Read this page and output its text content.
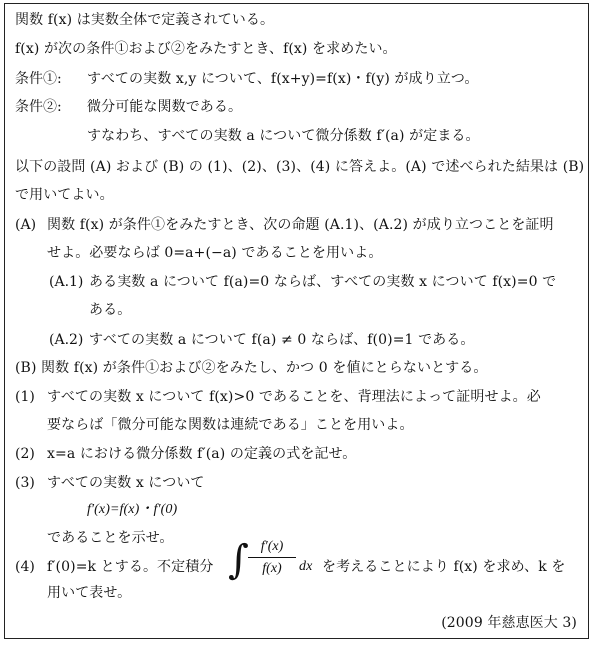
関数 f(x) は実数全体で定義されている。
f(x) が次の条件①および②をみたすとき、f(x) を求めたい。
条件①: すべての実数 x,y について、f(x+y)=f(x)・f(y) が成り立つ。
条件②: 微分可能な関数である。
すなわち、すべての実数 a について微分係数 f′(a) が定まる。
以下の設問 (A) および (B) の (1)、(2)、(3)、(4) に答えよ。(A) で述べられた結果は (B)
で用いてよい。
(A) 関数 f(x) が条件①をみたすとき、次の命題 (A.1)、(A.2) が成り立つことを証明
せよ。必要ならば 0=a+(−a) であることを用いよ。
(A.1) ある実数 a について f(a)=0 ならば、すべての実数 x について f(x)=0 で
ある。
(A.2) すべての実数 a について f(a) ≠ 0 ならば、f(0)=1 である。
(B) 関数 f(x) が条件①および②をみたし、かつ 0 を値にとらないとする。
(1) すべての実数 x について f(x)>0 であることを、背理法によって証明せよ。必
要ならば「微分可能な関数は連続である」ことを用いよ。
(2) x=a における微分係数 f′(a) の定義の式を記せ。
(3) すべての実数 x について
f′(x)=f(x)・f′(0)
であることを示せ。
(4) f′(0)=k とする。不定積分 ∫ $\frac{f'(x)}{f(x)}$ dx を考えることにより f(x) を求め、k を
用いて表せ。
(2009 年慈恵医大 3)
